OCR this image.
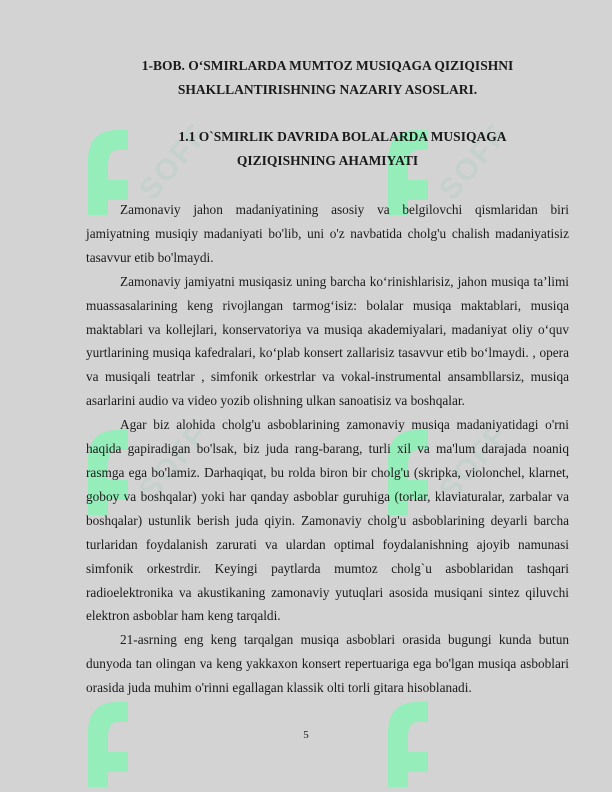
SOFF	SOFF
SOFF	SOFF
1-BOB. O‘SMIRLARDA MUMTOZ MUSIQAGA QIZIQISHNI
SHAKLLANTIRISHNING NAZARIY ASOSLARI.
1.1 O`SMIRLIK DAVRIDA BOLALARDA MUSIQAGA
QIZIQISHNING AHAMIYATI

Zamonaviy jahon madaniyatining asosiy va belgilovchi qismlaridan biri jamiyatning musiqiy madaniyati bo'lib, uni o'z navbatida cholg'u chalish madaniyatisiz tasavvur etib bo'lmaydi.

Zamonaviy jamiyatni musiqasiz uning barcha ko‘rinishlarisiz, jahon musiqa ta’limi muassasalarining keng rivojlangan tarmog‘isiz: bolalar musiqa maktablari, musiqa maktablari va kollejlari, konservatoriya va musiqa akademiyalari, madaniyat oliy o‘quv yurtlarining musiqa kafedralari, ko‘plab konsert zallarisiz tasavvur etib bo‘lmaydi. , opera va musiqali teatrlar , simfonik orkestrlar va vokal-instrumental ansambllarsiz, musiqa asarlarini audio va video yozib olishning ulkan sanoatisiz va boshqalar.

Agar biz alohida cholg'u asboblarining zamonaviy musiqa madaniyatidagi o'rni haqida gapiradigan bo'lsak, biz juda rang-barang, turli xil va ma'lum darajada noaniq rasmga ega bo'lamiz. Darhaqiqat, bu rolda biron bir cholg'u (skripka, violonchel, klarnet, goboy va boshqalar) yoki har qanday asboblar guruhiga (torlar, klaviaturalar, zarbalar va boshqalar) ustunlik berish juda qiyin. Zamonaviy cholg'u asboblarining deyarli barcha turlaridan foydalanish zarurati va ulardan optimal foydalanishning ajoyib namunasi simfonik orkestrdir. Keyingi paytlarda mumtoz cholg`u asboblaridan tashqari radioelektronika va akustikaning zamonaviy yutuqlari asosida musiqani sintez qiluvchi elektron asboblar ham keng tarqaldi.

21-asrning eng keng tarqalgan musiqa asboblari orasida bugungi kunda butun dunyoda tan olingan va keng yakkaxon konsert repertuariga ega bo'lgan musiqa asboblari orasida juda muhim o'rinni egallagan klassik olti torli gitara hisoblanadi.

5
